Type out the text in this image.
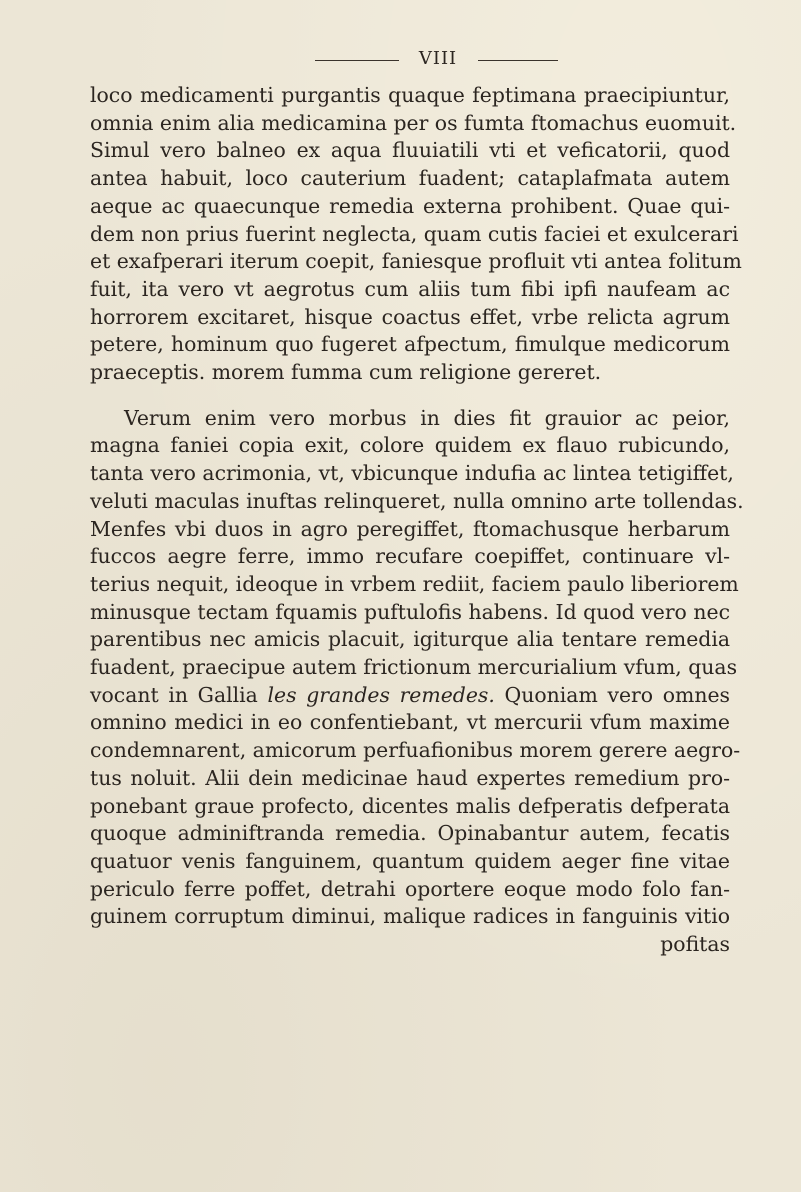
VIII
loco medicamenti purgantis quaque feptimana praecipiuntur,
omnia enim alia medicamina per os fumta ftomachus euomuit.
Simul vero balneo ex aqua fluuiatili vti et veficatorii, quod
antea habuit, loco cauterium fuadent; cataplafmata autem
aeque ac quaecunque remedia externa prohibent. Quae qui-
dem non prius fuerint neglecta, quam cutis faciei et exulcerari
et exafperari iterum coepit, faniesque profluit vti antea folitum
fuit, ita vero vt aegrotus cum aliis tum fibi ipfi naufeam ac
horrorem excitaret, hisque coactus effet, vrbe relicta agrum
petere, hominum quo fugeret afpectum, fimulque medicorum
praeceptis. morem fumma cum religione gereret.
Verum enim vero morbus in dies fit grauior ac peior,
magna faniei copia exit, colore quidem ex flauo rubicundo,
tanta vero acrimonia, vt, vbicunque indufia ac lintea tetigiffet,
veluti maculas inuftas relinqueret, nulla omnino arte tollendas.
Menfes vbi duos in agro peregiffet, ftomachusque herbarum
fuccos aegre ferre, immo recufare coepiffet, continuare vl-
terius nequit, ideoque in vrbem rediit, faciem paulo liberiorem
minusque tectam fquamis puftulofis habens. Id quod vero nec
parentibus nec amicis placuit, igiturque alia tentare remedia
fuadent, praecipue autem frictionum mercurialium vfum, quas
vocant in Gallia les grandes remedes. Quoniam vero omnes
omnino medici in eo confentiebant, vt mercurii vfum maxime
condemnarent, amicorum perfuafionibus morem gerere aegro-
tus noluit. Alii dein medicinae haud expertes remedium pro-
ponebant graue profecto, dicentes malis defperatis defperata
quoque adminiftranda remedia. Opinabantur autem, fecatis
quatuor venis fanguinem, quantum quidem aeger fine vitae
periculo ferre poffet, detrahi oportere eoque modo folo fan-
guinem corruptum diminui, malique radices in fanguinis vitio
pofitas
